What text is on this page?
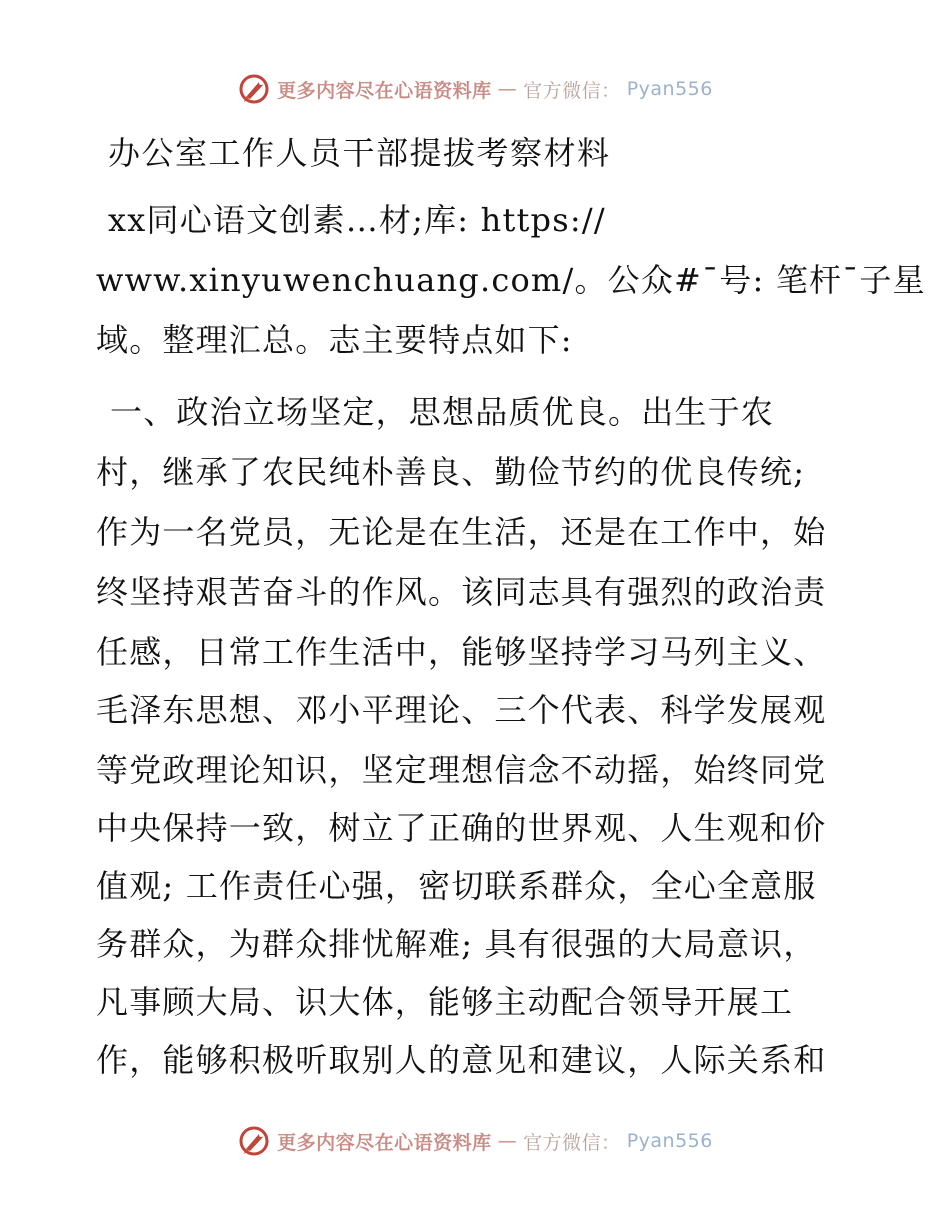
更多内容尽在心语资料库 — 官方微信： Pyan556
办公室工作人员干部提拔考察材料

xx同心语文创素…材;库: https://

www.xinyuwenchuang.com/。公众#¯号: 笔杆¯子星

域。整理汇总。志主要特点如下:

一、政治立场坚定，思想品质优良。出生于农

村，继承了农民纯朴善良、勤俭节约的优良传统;

作为一名党员，无论是在生活，还是在工作中，始

终坚持艰苦奋斗的作风。该同志具有强烈的政治责

任感，日常工作生活中，能够坚持学习马列主义、

毛泽东思想、邓小平理论、三个代表、科学发展观

等党政理论知识，坚定理想信念不动摇，始终同党

中央保持一致，树立了正确的世界观、人生观和价

值观; 工作责任心强，密切联系群众，全心全意服

务群众，为群众排忧解难; 具有很强的大局意识，

凡事顾大局、识大体，能够主动配合领导开展工

作，能够积极听取别人的意见和建议，人际关系和

更多内容尽在心语资料库 — 官方微信： Pyan556
